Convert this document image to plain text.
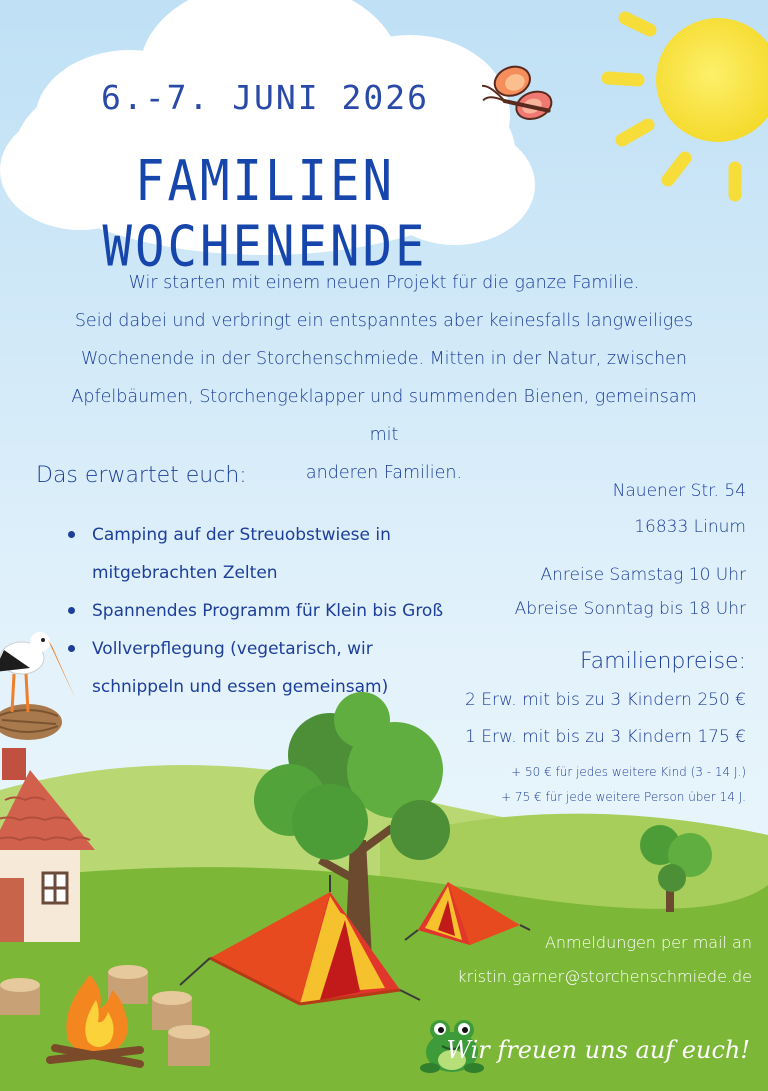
6.-7. JUNI 2026

FAMILIEN WOCHENENDE
Wir starten mit einem neuen Projekt für die ganze Familie.
Seid dabei und verbringt ein entspanntes aber keinesfalls langweiliges
Wochenende in der Storchenschmiede. Mitten in der Natur, zwischen
Apfelbäumen, Storchengeklapper und summenden Bienen, gemeinsam mit
anderen Familien.
Das erwartet euch:
Camping auf der Streuobstwiese in
mitgebrachten Zelten
Spannendes Programm für Klein bis Groß
Vollverpflegung (vegetarisch, wir
schnippeln und essen gemeinsam)
Nauener Str. 54
16833 Linum
Anreise Samstag 10 Uhr
Abreise Sonntag bis 18 Uhr
Familienpreise:
2 Erw. mit bis zu 3 Kindern 250 €
1 Erw. mit bis zu 3 Kindern 175 €
+ 50 € für jedes weitere Kind (3 - 14 J.)
+ 75 € für jede weitere Person über 14 J.
Anmeldungen per mail an
kristin.garner@storchenschmiede.de
Wir freuen uns auf euch!
